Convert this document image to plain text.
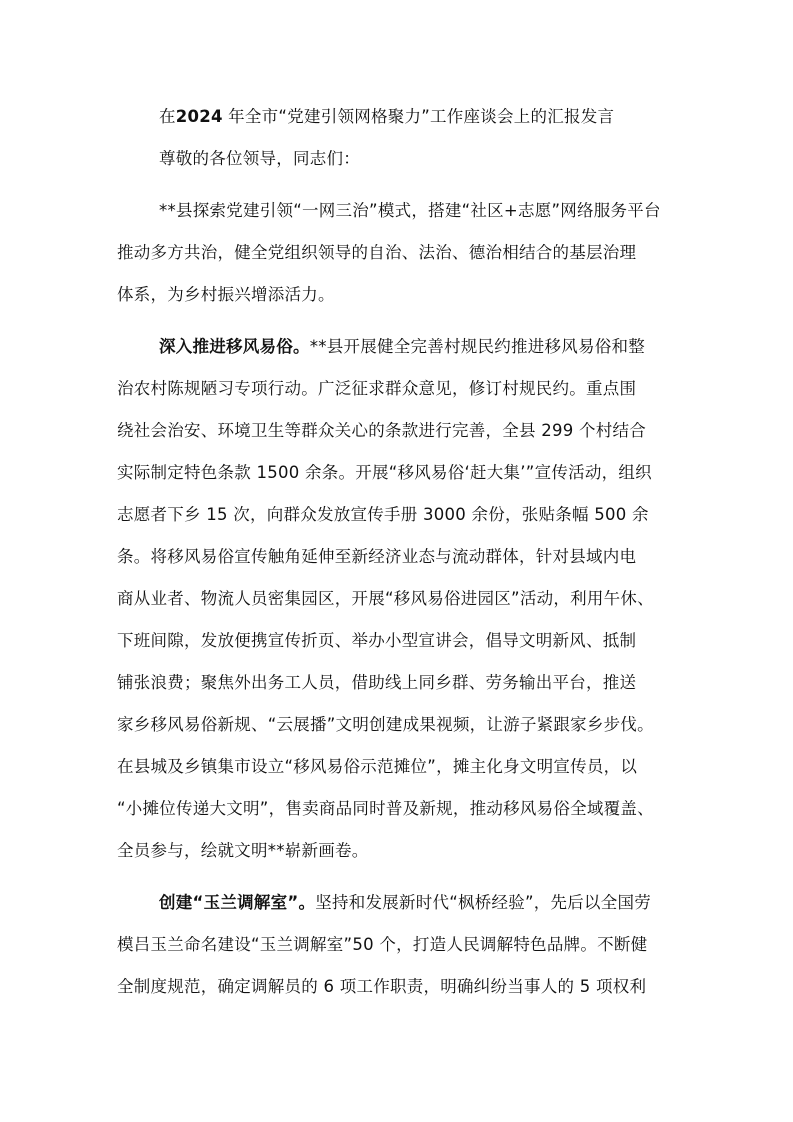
在2024 年全市“党建引领网格聚力”工作座谈会上的汇报发言
尊敬的各位领导，同志们：
**县探索党建引领“一网三治”模式，搭建“社区+志愿”网络服务平台
推动多方共治，健全党组织领导的自治、法治、德治相结合的基层治理
体系，为乡村振兴增添活力。
深入推进移风易俗。**县开展健全完善村规民约推进移风易俗和整
治农村陈规陋习专项行动。广泛征求群众意见，修订村规民约。重点围
绕社会治安、环境卫生等群众关心的条款进行完善，全县 299 个村结合
实际制定特色条款 1500 余条。开展“移风易俗‘赶大集’”宣传活动，组织
志愿者下乡 15 次，向群众发放宣传手册 3000 余份，张贴条幅 500 余
条。将移风易俗宣传触角延伸至新经济业态与流动群体，针对县域内电
商从业者、物流人员密集园区，开展“移风易俗进园区”活动，利用午休、
下班间隙，发放便携宣传折页、举办小型宣讲会，倡导文明新风、抵制
铺张浪费；聚焦外出务工人员，借助线上同乡群、劳务输出平台，推送
家乡移风易俗新规、“云展播”文明创建成果视频，让游子紧跟家乡步伐。
在县城及乡镇集市设立“移风易俗示范摊位”，摊主化身文明宣传员，以
“小摊位传递大文明”，售卖商品同时普及新规，推动移风易俗全域覆盖、
全员参与，绘就文明**崭新画卷。
创建“玉兰调解室”。坚持和发展新时代“枫桥经验”，先后以全国劳
模吕玉兰命名建设“玉兰调解室”50 个，打造人民调解特色品牌。不断健
全制度规范，确定调解员的 6 项工作职责，明确纠纷当事人的 5 项权利
